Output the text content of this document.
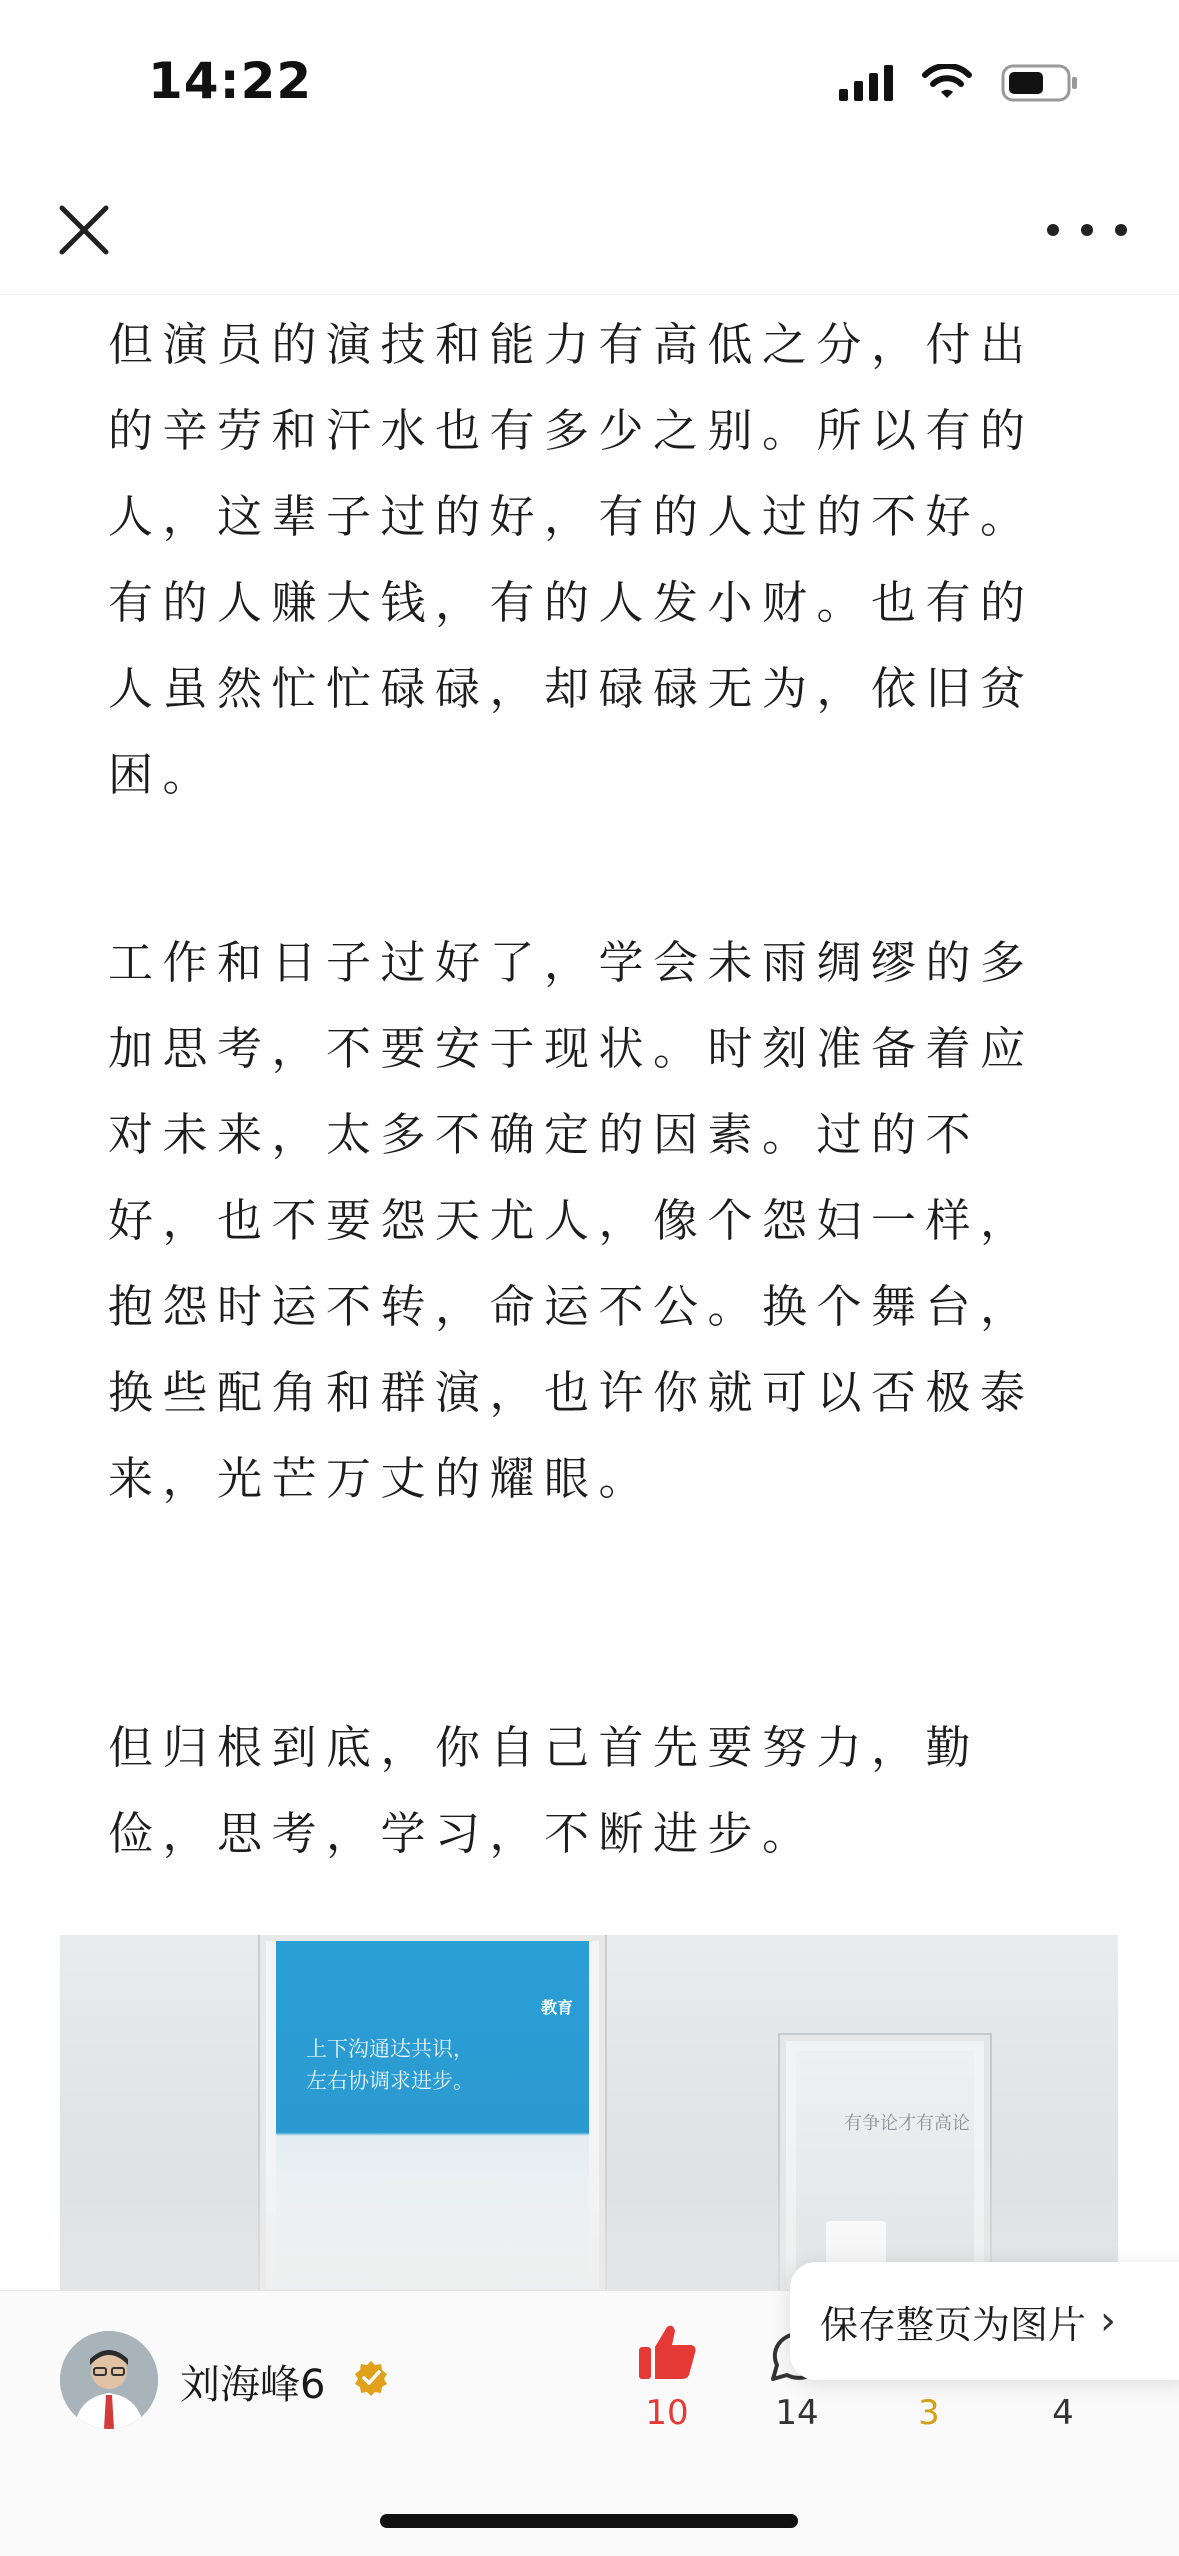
14:22

但演员的演技和能力有高低之分，付出的辛劳和汗水也有多少之别。所以有的人，这辈子过的好，有的人过的不好。有的人赚大钱，有的人发小财。也有的人虽然忙忙碌碌，却碌碌无为，依旧贫困。

工作和日子过好了，学会未雨绸缪的多加思考，不要安于现状。时刻准备着应对未来，太多不确定的因素。过的不好，也不要怨天尤人，像个怨妇一样，抱怨时运不转，命运不公。换个舞台，换些配角和群演，也许你就可以否极泰来，光芒万丈的耀眼。

但归根到底，你自己首先要努力，勤俭，思考，学习，不断进步。

教育
上下沟通达共识，
左右协调求进步。
有争论才有高论
刘海峰6
10	14	3	4
保存整页为图片 ›
